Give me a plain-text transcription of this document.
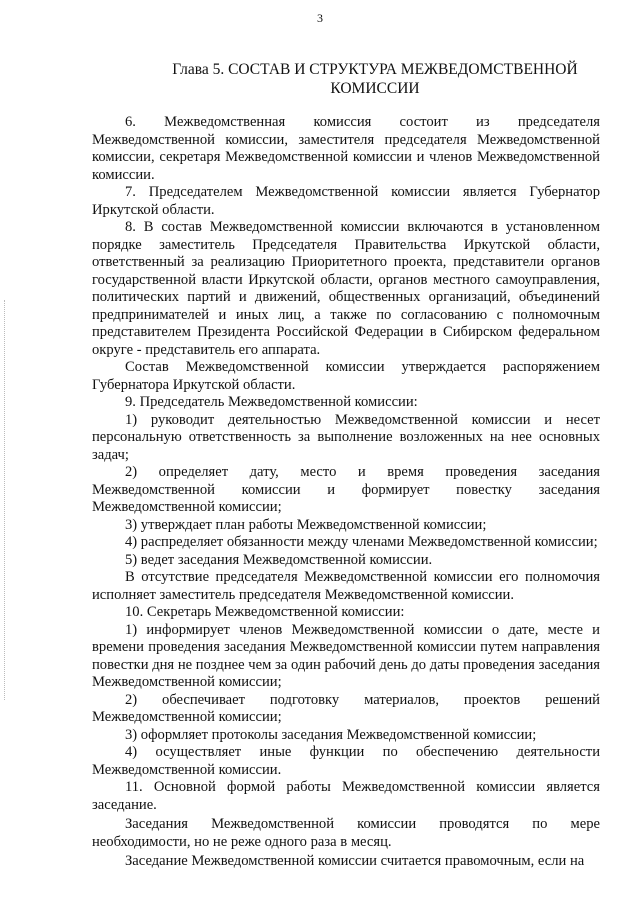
3
Глава 5. СОСТАВ И СТРУКТУРА МЕЖВЕДОМСТВЕННОЙ КОМИССИИ

6. Межведомственная комиссия состоит из председателя Межведомственной комиссии, заместителя председателя Межведомственной комиссии, секретаря Межведомственной комиссии и членов Межведомственной комиссии.

7. Председателем Межведомственной комиссии является Губернатор Иркутской области.

8. В состав Межведомственной комиссии включаются в установленном порядке заместитель Председателя Правительства Иркутской области, ответственный за реализацию Приоритетного проекта, представители органов государственной власти Иркутской области, органов местного самоуправления, политических партий и движений, общественных организаций, объединений предпринимателей и иных лиц, а также по согласованию с полномочным представителем Президента Российской Федерации в Сибирском федеральном округе - представитель его аппарата.

Состав Межведомственной комиссии утверждается распоряжением Губернатора Иркутской области.

9. Председатель Межведомственной комиссии:

1) руководит деятельностью Межведомственной комиссии и несет персональную ответственность за выполнение возложенных на нее основных задач;

2) определяет дату, место и время проведения заседания Межведомственной комиссии и формирует повестку заседания Межведомственной комиссии;

3) утверждает план работы Межведомственной комиссии;

4) распределяет обязанности между членами Межведомственной комиссии;

5) ведет заседания Межведомственной комиссии.

В отсутствие председателя Межведомственной комиссии его полномочия исполняет заместитель председателя Межведомственной комиссии.

10. Секретарь Межведомственной комиссии:

1) информирует членов Межведомственной комиссии о дате, месте и времени проведения заседания Межведомственной комиссии путем направления повестки дня не позднее чем за один рабочий день до даты проведения заседания Межведомственной комиссии;

2) обеспечивает подготовку материалов, проектов решений Межведомственной комиссии;

3) оформляет протоколы заседания Межведомственной комиссии;

4) осуществляет иные функции по обеспечению деятельности Межведомственной комиссии.

11. Основной формой работы Межведомственной комиссии является заседание.

Заседания Межведомственной комиссии проводятся по мере необходимости, но не реже одного раза в месяц.

Заседание Межведомственной комиссии считается правомочным, если на
